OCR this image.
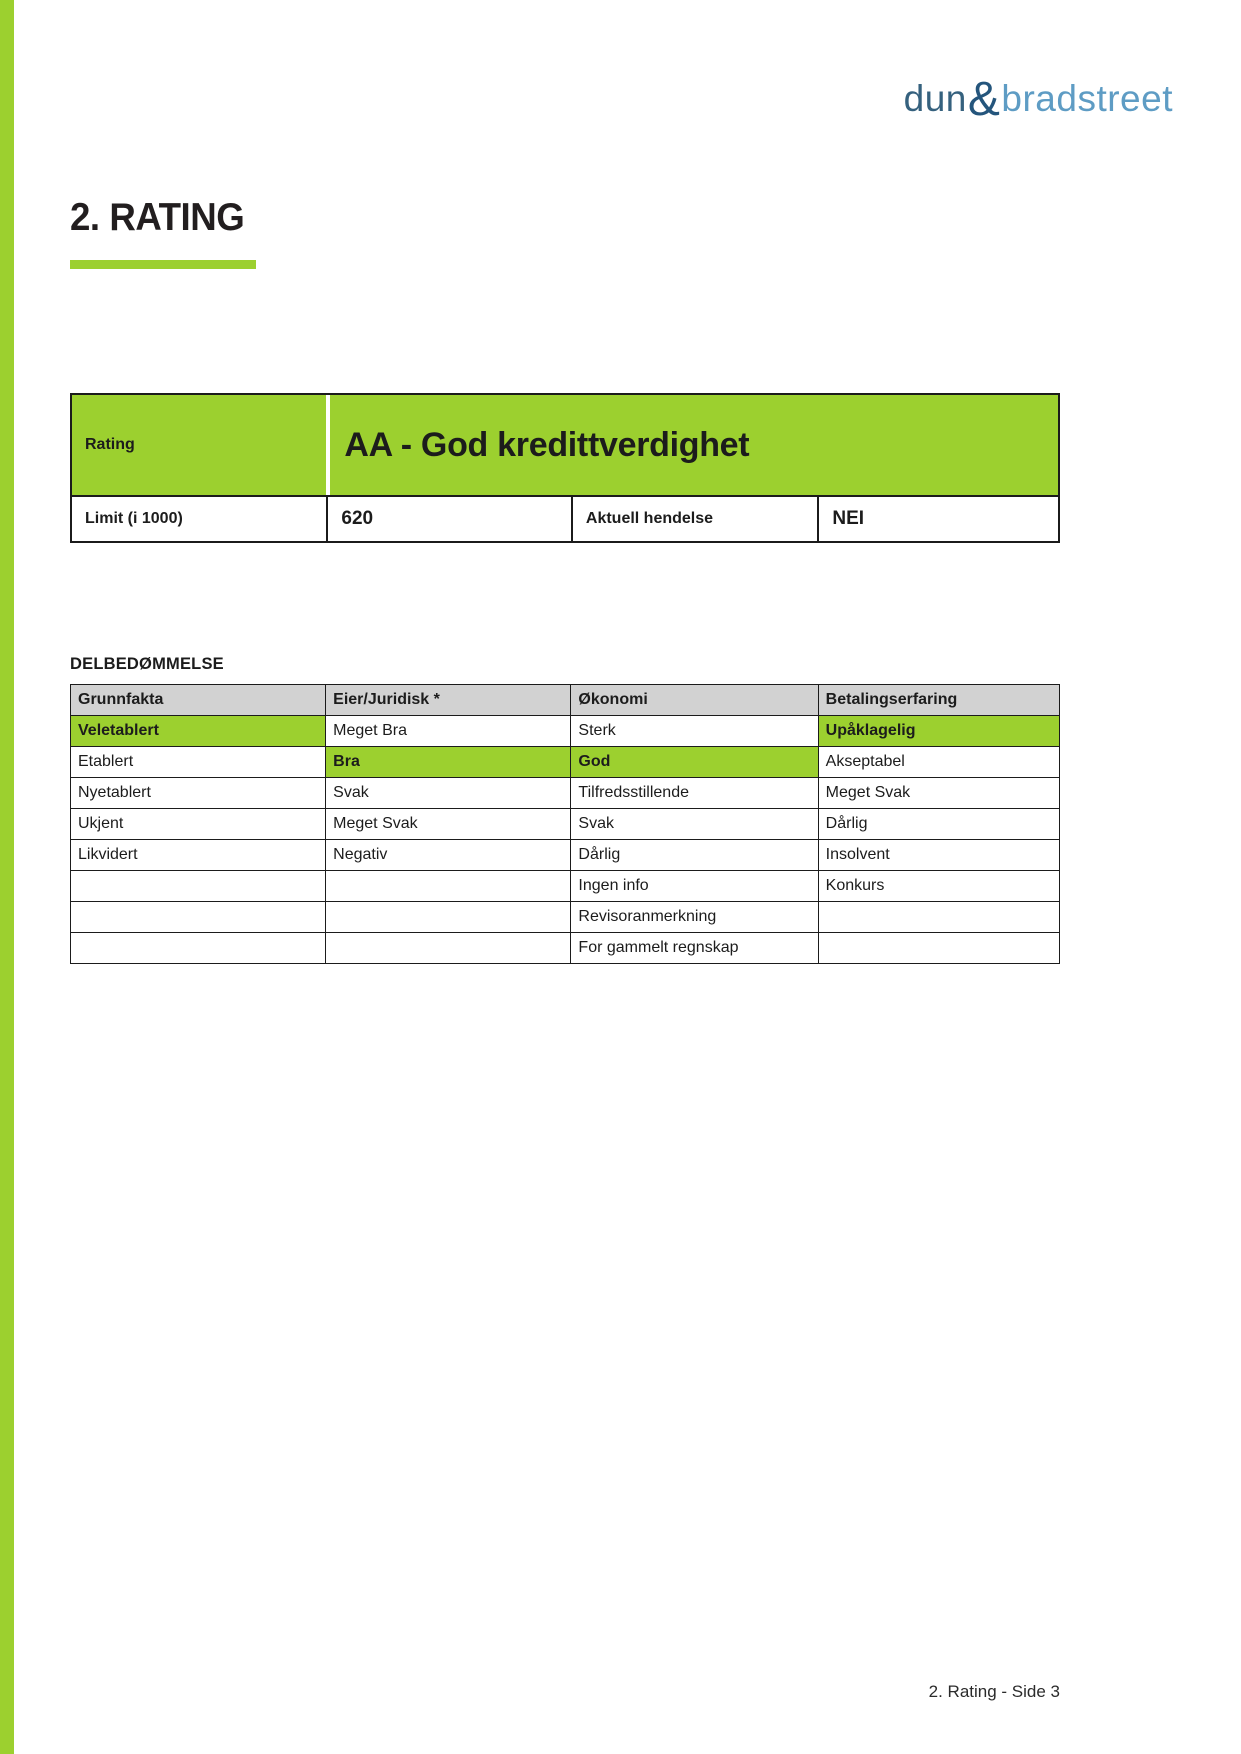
dun&bradstreet
2. RATING
Rating	AA - God kredittverdighet
Limit (i 1000)	620	Aktuell hendelse	NEI
DELBEDØMMELSE
Grunnfakta	Eier/Juridisk *	Økonomi	Betalingserfaring
Veletablert	Meget Bra	Sterk	Upåklagelig
Etablert	Bra	God	Akseptabel
Nyetablert	Svak	Tilfredsstillende	Meget Svak
Ukjent	Meget Svak	Svak	Dårlig
Likvidert	Negativ	Dårlig	Insolvent
		Ingen info	Konkurs
		Revisoranmerkning	
		For gammelt regnskap	
2. Rating - Side 3
